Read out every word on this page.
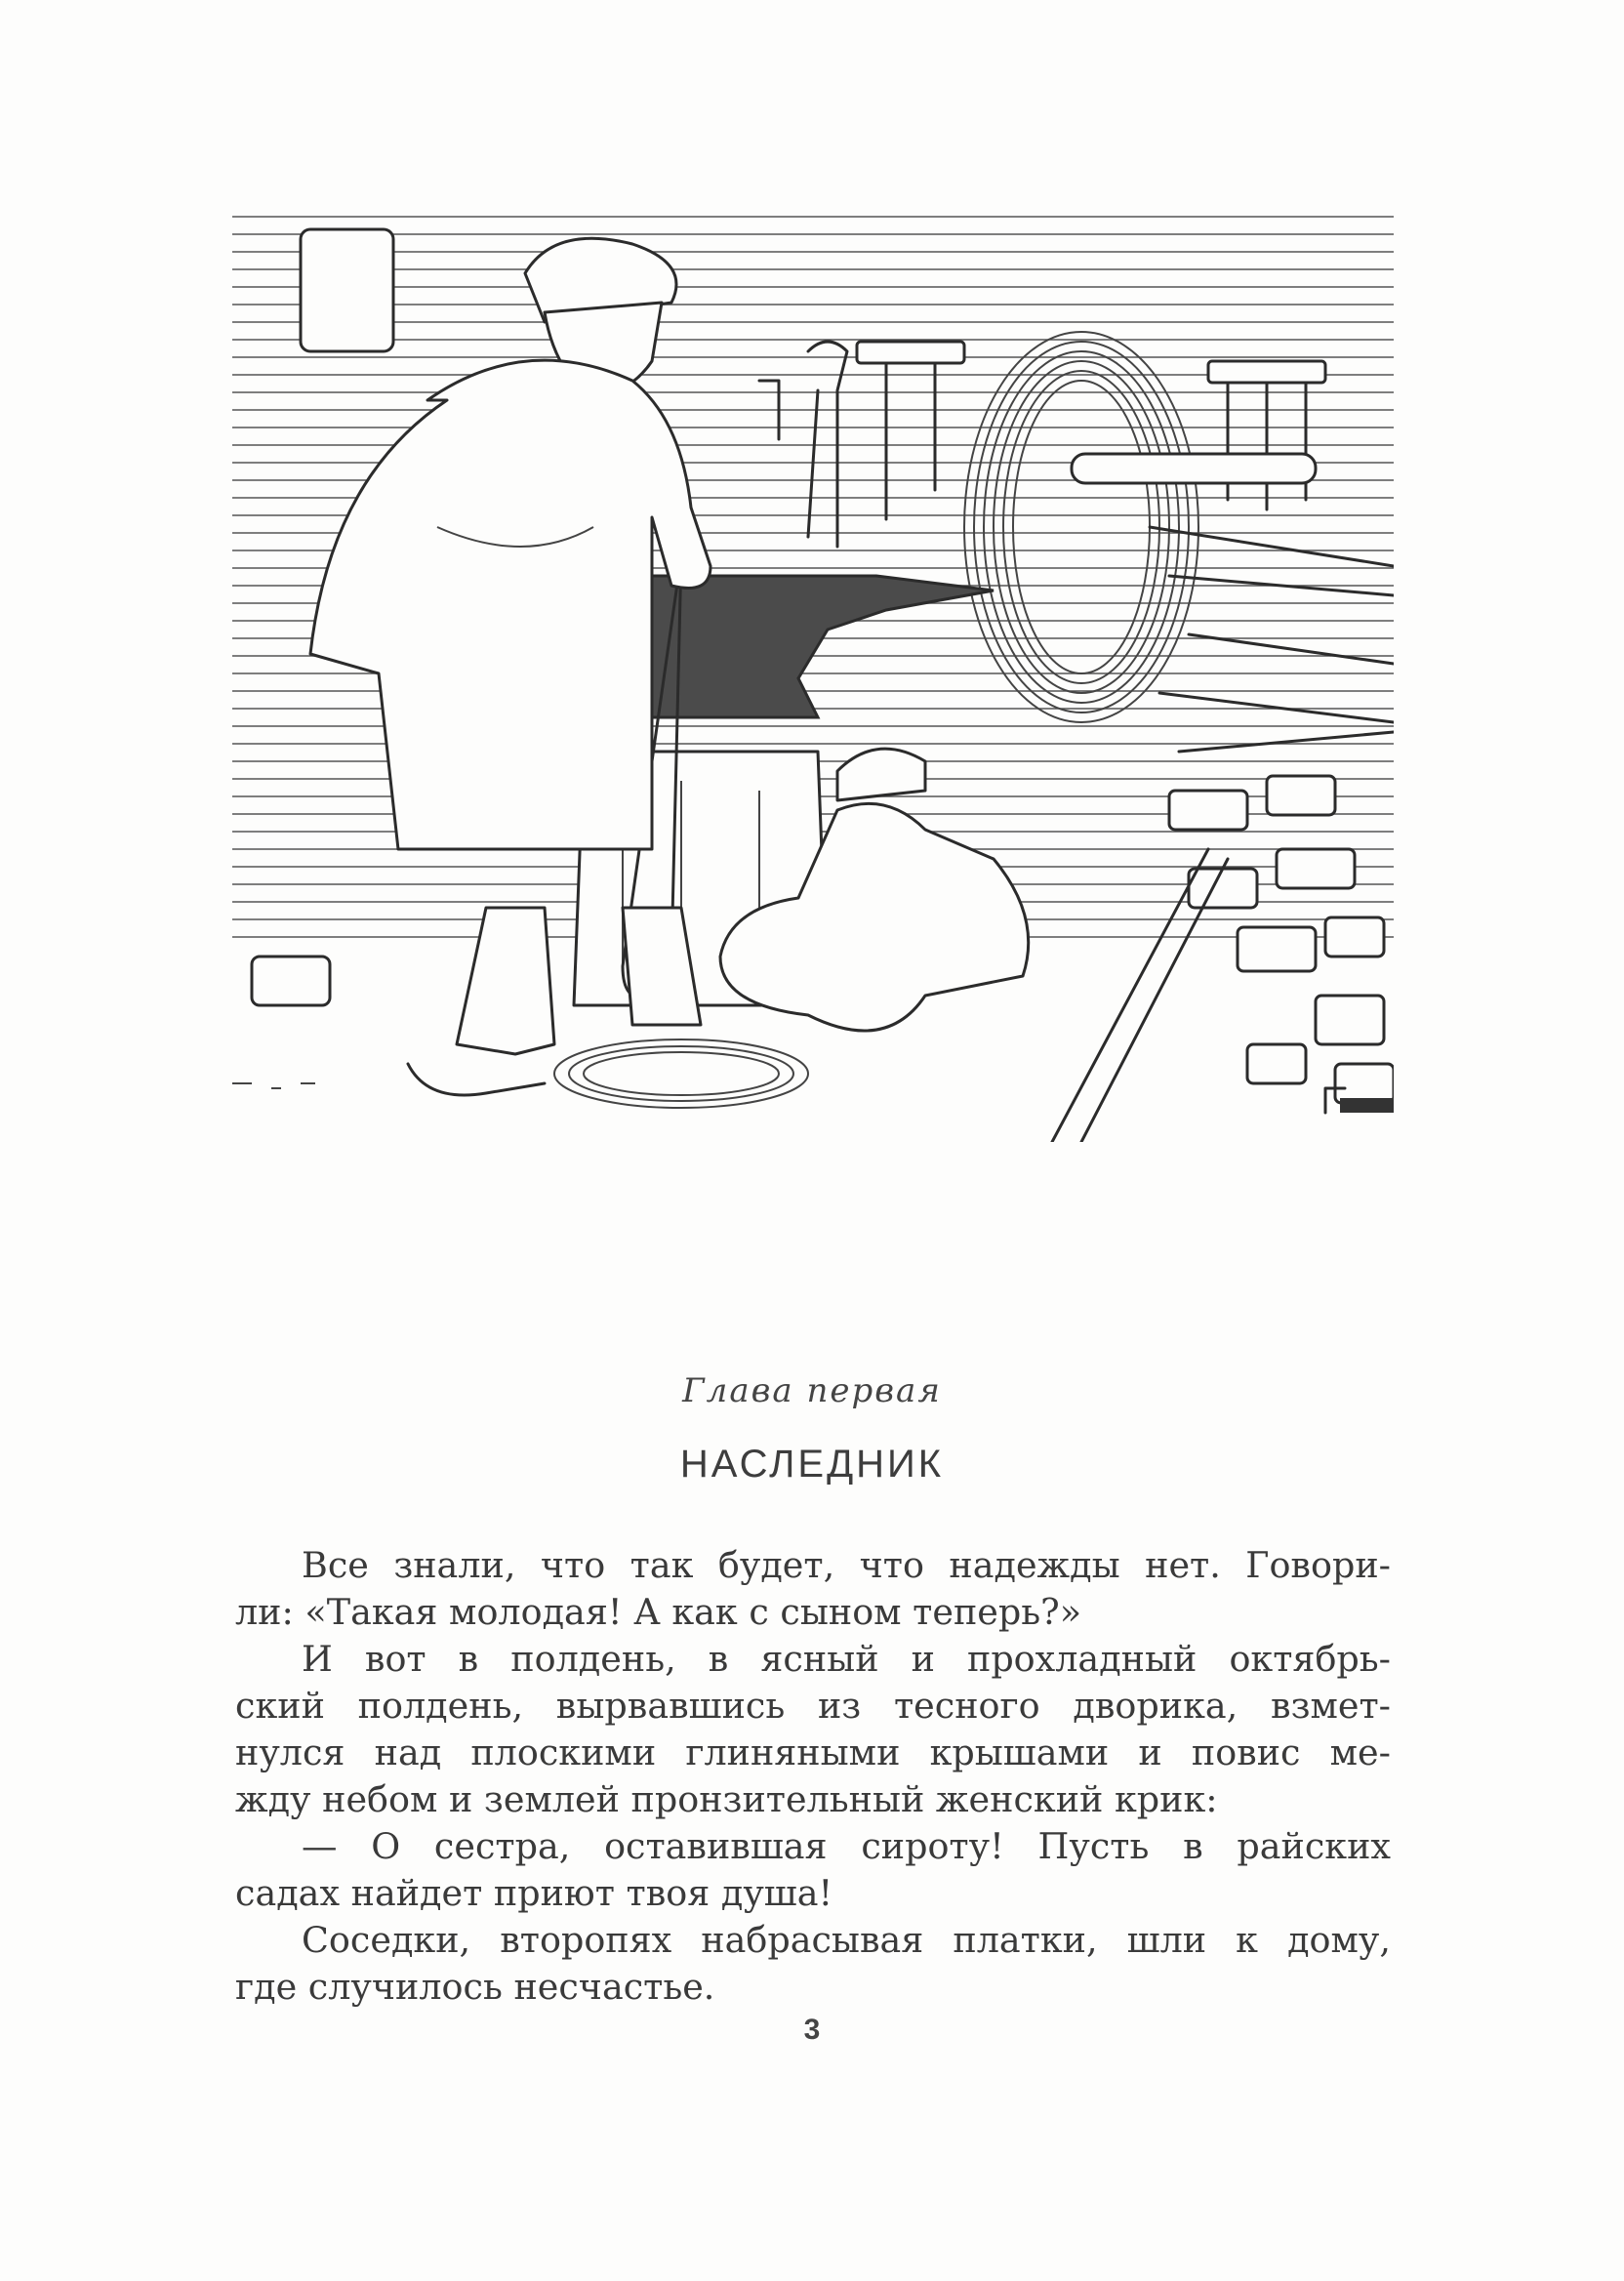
Глава первая
НАСЛЕДНИК
Все знали, что так будет, что надежды нет. Говори-
ли: «Такая молодая! А как с сыном теперь?»
И вот в полдень, в ясный и прохладный октябрь-
ский полдень, вырвавшись из тесного дворика, взмет-
нулся над плоскими глиняными крышами и повис ме-
жду небом и землей пронзительный женский крик:
— О сестра, оставившая сироту! Пусть в райских
садах найдет приют твоя душа!
Соседки, второпях набрасывая платки, шли к дому,
где случилось несчастье.
3
